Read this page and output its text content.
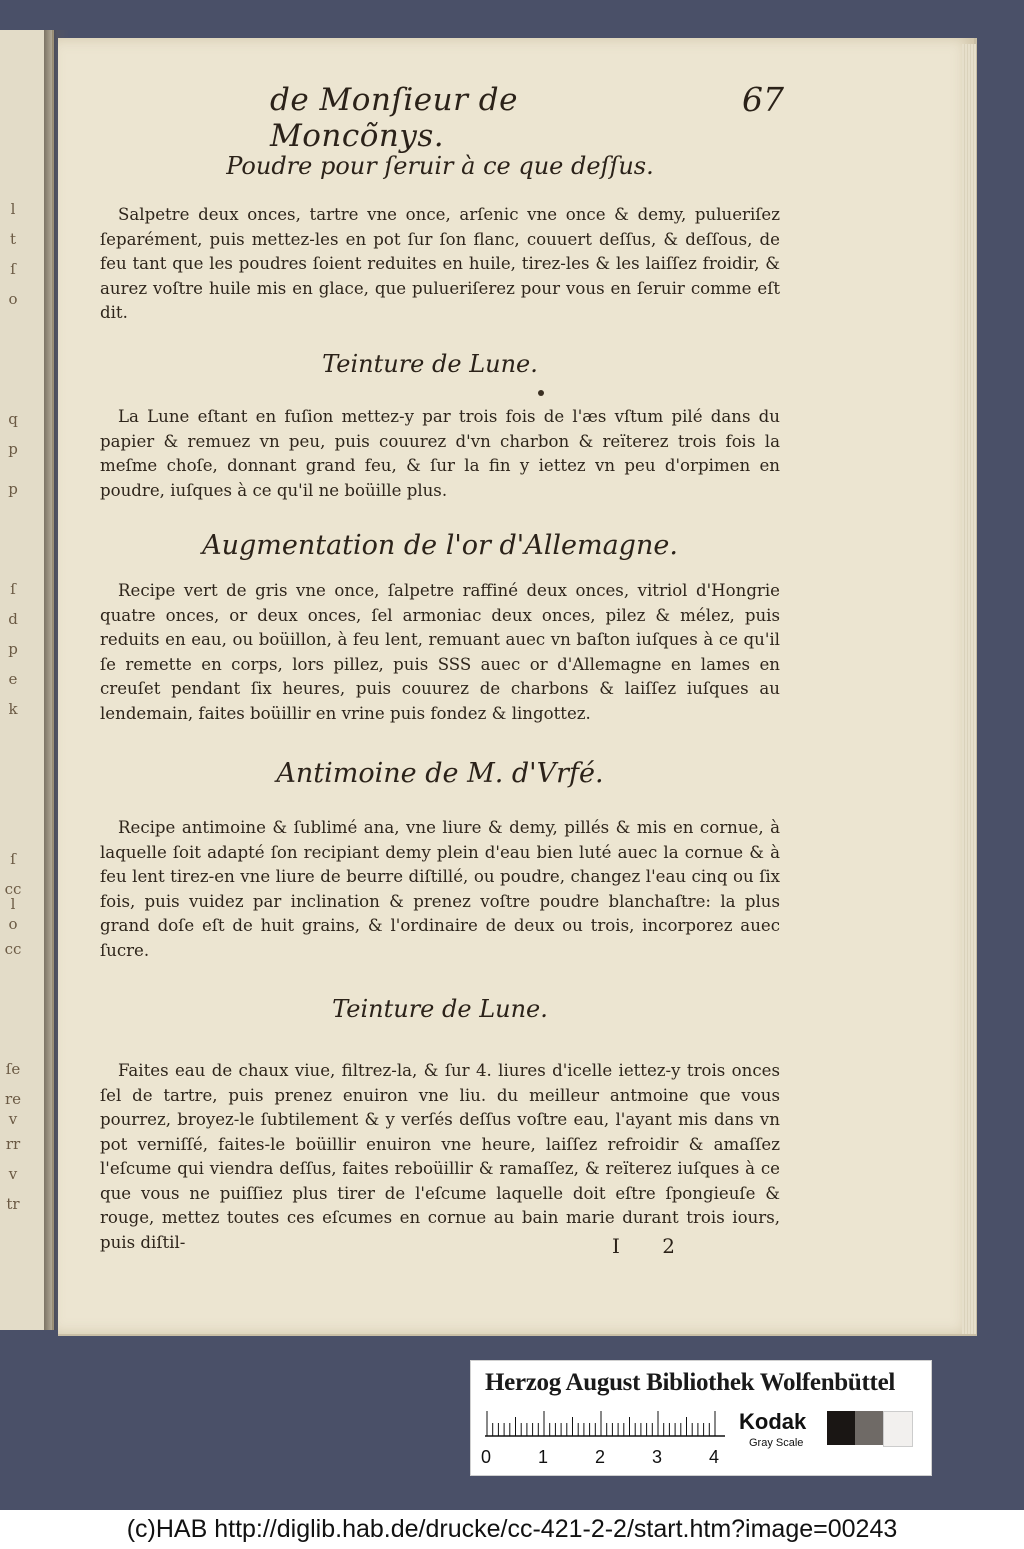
l
t
ſ
o
q
p
p
ſ
d
p
e
k
ſ
cc
l
o
cc
ſe
re
v
rr
v
tr
de Monſieur de Moncõnys.
67
Poudre pour ſeruir à ce que deſſus.
Salpetre deux onces, tartre vne once, arſenic vne once & demy, pulueriſez ſeparément, puis mettez-les en pot ſur ſon flanc, couuert deſſus, & deſſous, de feu tant que les poudres ſoient reduites en huile, tirez-les & les laiſſez froidir, & aurez voſtre huile mis en glace, que pulueriſerez pour vous en ſeruir comme eſt dit.
Teinture de Lune.
La Lune eſtant en fuſion mettez-y par trois fois de l'æs vſtum pilé dans du papier & remuez vn peu, puis couurez d'vn charbon & reïterez trois fois la meſme choſe, donnant grand feu, & ſur la fin y iettez vn peu d'orpimen en poudre, iuſques à ce qu'il ne boüille plus.
Augmentation de l'or d'Allemagne.
Recipe vert de gris vne once, ſalpetre raffiné deux onces, vitriol d'Hongrie quatre onces, or deux onces, ſel armoniac deux onces, pilez & mélez, puis reduits en eau, ou boüillon, à feu lent, remuant auec vn baſton iuſques à ce qu'il ſe remette en corps, lors pillez, puis SSS auec or d'Allemagne en lames en creuſet pendant ſix heures, puis couurez de charbons & laiſſez iuſques au lendemain, faites boüillir en vrine puis fondez & lingottez.
Antimoine de M. d'Vrfé.
Recipe antimoine & ſublimé ana, vne liure & demy, pillés & mis en cornue, à laquelle ſoit adapté ſon recipiant demy plein d'eau bien luté auec la cornue & à feu lent tirez-en vne liure de beurre diſtillé, ou poudre, changez l'eau cinq ou ſix fois, puis vuidez par inclination & prenez voſtre poudre blanchaſtre: la plus grand doſe eſt de huit grains, & l'ordinaire de deux ou trois, incorporez auec ſucre.
Teinture de Lune.
Faites eau de chaux viue, filtrez-la, & ſur 4. liures d'icelle iettez-y trois onces ſel de tartre, puis prenez enuiron vne liu. du meilleur antmoine que vous pourrez, broyez-le ſubtilement & y verſés deſſus voſtre eau, l'ayant mis dans vn pot verniſſé, faites-le boüillir enuiron vne heure, laiſſez refroidir & amaſſez l'eſcume qui viendra deſſus, faites reboüillir & ramaſſez, & reïterez iuſques à ce que vous ne puiſſiez plus tirer de l'eſcume laquelle doit eſtre ſpongieuſe & rouge, mettez toutes ces eſcumes en cornue au bain marie durant trois iours, puis diſtil-	I 2
Herzog August Bibliothek Wolfenbüttel
0	1	2	3	4
Kodak
Gray Scale
(c)HAB http://diglib.hab.de/drucke/cc-421-2-2/start.htm?image=00243
